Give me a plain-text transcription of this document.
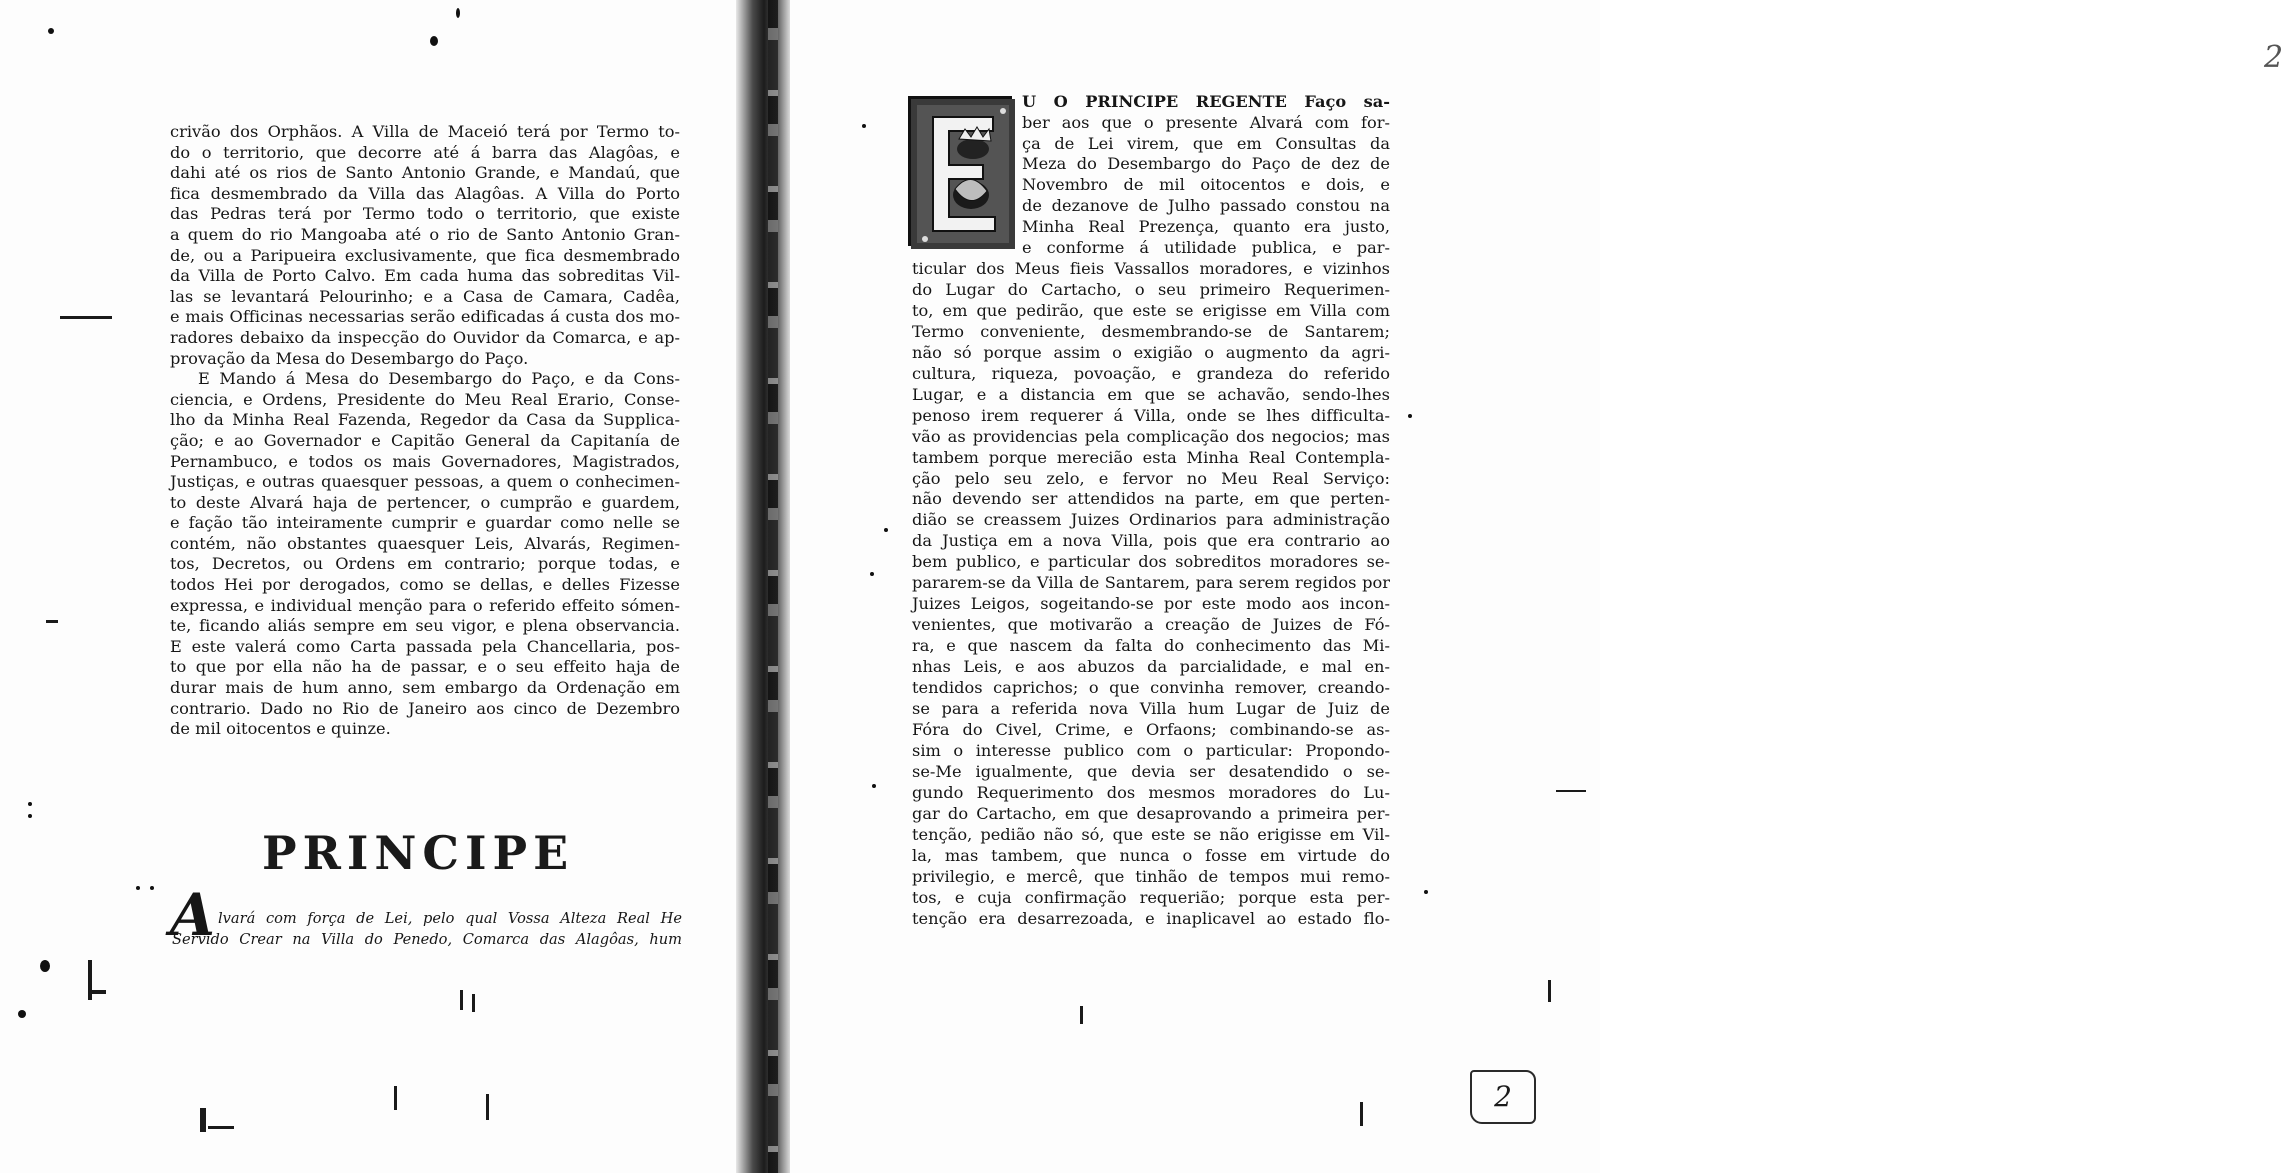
crivão dos Orphãos. A Villa de Maceió terá por Termo to-
do o territorio, que decorre até á barra das Alagôas, e
dahi até os rios de Santo Antonio Grande, e Mandaú, que
fica desmembrado da Villa das Alagôas. A Villa do Porto
das Pedras terá por Termo todo o territorio, que existe
a quem do rio Mangoaba até o rio de Santo Antonio Gran-
de, ou a Paripueira exclusivamente, que fica desmembrado
da Villa de Porto Calvo. Em cada huma das sobreditas Vil-
las se levantará Pelourinho; e a Casa de Camara, Cadêa,
e mais Officinas necessarias serão edificadas á custa dos mo-
radores debaixo da inspecção do Ouvidor da Comarca, e ap-
provação da Mesa do Desembargo do Paço.
E Mando á Mesa do Desembargo do Paço, e da Cons-
ciencia, e Ordens, Presidente do Meu Real Erario, Conse-
lho da Minha Real Fazenda, Regedor da Casa da Supplica-
ção; e ao Governador e Capitão General da Capitanía de
Pernambuco, e todos os mais Governadores, Magistrados,
Justiças, e outras quaesquer pessoas, a quem o conhecimen-
to deste Alvará haja de pertencer, o cumprão e guardem,
e fação tão inteiramente cumprir e guardar como nelle se
contém, não obstantes quaesquer Leis, Alvarás, Regimen-
tos, Decretos, ou Ordens em contrario; porque todas, e
todos Hei por derogados, como se dellas, e delles Fizesse
expressa, e individual menção para o referido effeito sómen-
te, ficando aliás sempre em seu vigor, e plena observancia.
E este valerá como Carta passada pela Chancellaria, pos-
to que por ella não ha de passar, e o seu effeito haja de
durar mais de hum anno, sem embargo da Ordenação em
contrario. Dado no Rio de Janeiro aos cinco de Dezembro
de mil oitocentos e quinze.
PRINCIPE
A lvará com força de Lei, pelo qual Vossa Alteza Real He
Servido Crear na Villa do Penedo, Comarca das Alagôas, hum
2
2
U O PRINCIPE REGENTE Faço sa-
ber aos que o presente Alvará com for-
ça de Lei virem, que em Consultas da
Meza do Desembargo do Paço de dez de
Novembro de mil oitocentos e dois, e
de dezanove de Julho passado constou na
Minha Real Prezença, quanto era justo,
e conforme á utilidade publica, e par-
ticular dos Meus fieis Vassallos moradores, e vizinhos
do Lugar do Cartacho, o seu primeiro Requerimen-
to, em que pedirão, que este se erigisse em Villa com
Termo conveniente, desmembrando-se de Santarem;
não só porque assim o exigião o augmento da agri-
cultura, riqueza, povoação, e grandeza do referido
Lugar, e a distancia em que se achavão, sendo-lhes
penoso irem requerer á Villa, onde se lhes difficulta-
vão as providencias pela complicação dos negocios; mas
tambem porque merecião esta Minha Real Contempla-
ção pelo seu zelo, e fervor no Meu Real Serviço:
não devendo ser attendidos na parte, em que perten-
dião se creassem Juizes Ordinarios para administração
da Justiça em a nova Villa, pois que era contrario ao
bem publico, e particular dos sobreditos moradores se-
pararem-se da Villa de Santarem, para serem regidos por
Juizes Leigos, sogeitando-se por este modo aos incon-
venientes, que motivarão a creação de Juizes de Fó-
ra, e que nascem da falta do conhecimento das Mi-
nhas Leis, e aos abuzos da parcialidade, e mal en-
tendidos caprichos; o que convinha remover, creando-
se para a referida nova Villa hum Lugar de Juiz de
Fóra do Civel, Crime, e Orfaons; combinando-se as-
sim o interesse publico com o particular: Propondo-
se-Me igualmente, que devia ser desatendido o se-
gundo Requerimento dos mesmos moradores do Lu-
gar do Cartacho, em que desaprovando a primeira per-
tenção, pedião não só, que este se não erigisse em Vil-
la, mas tambem, que nunca o fosse em virtude do
privilegio, e mercê, que tinhão de tempos mui remo-
tos, e cuja confirmação requerião; porque esta per-
tenção era desarrezoada, e inaplicavel ao estado flo-
